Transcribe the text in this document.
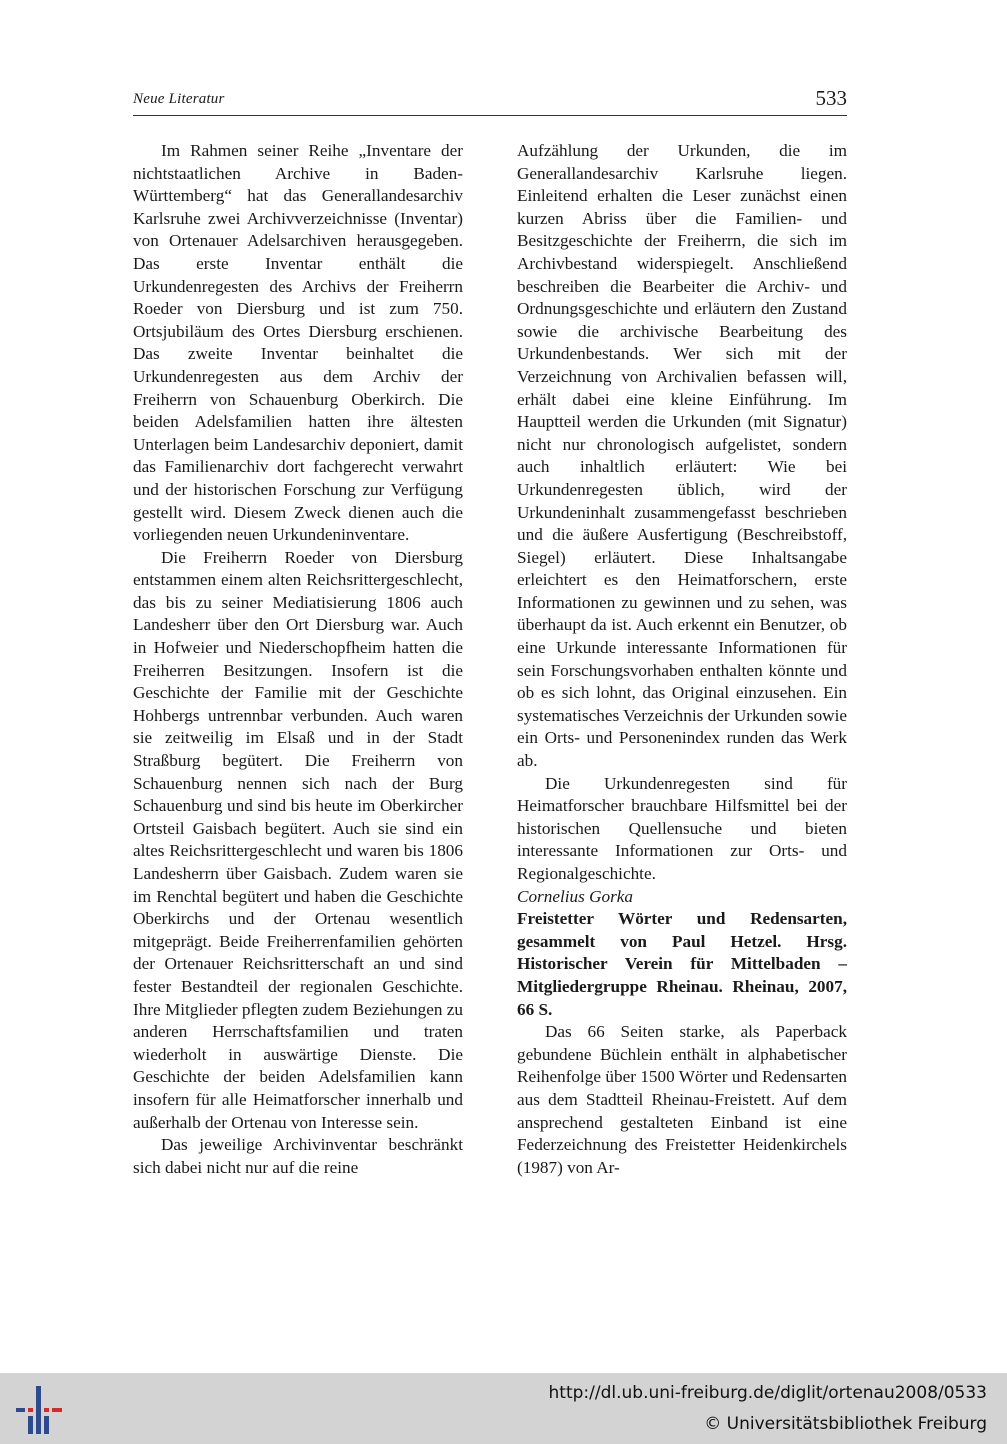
Neue Literatur	533

Im Rahmen seiner Reihe „Inventare der nichtstaatlichen Archive in Baden-Württemberg“ hat das Generallandesarchiv Karlsruhe zwei Archivverzeichnisse (Inventar) von Ortenauer Adelsarchiven herausgegeben. Das erste Inventar enthält die Urkundenregesten des Archivs der Freiherrn Roeder von Diersburg und ist zum 750. Ortsjubiläum des Ortes Diersburg erschienen. Das zweite Inventar beinhaltet die Urkundenregesten aus dem Archiv der Freiherrn von Schauenburg Oberkirch. Die beiden Adelsfamilien hatten ihre ältesten Unterlagen beim Landesarchiv deponiert, damit das Familienarchiv dort fachgerecht verwahrt und der historischen Forschung zur Verfügung gestellt wird. Diesem Zweck dienen auch die vorliegenden neuen Urkundeninventare.

Die Freiherrn Roeder von Diersburg entstammen einem alten Reichsrittergeschlecht, das bis zu seiner Mediatisierung 1806 auch Landesherr über den Ort Diersburg war. Auch in Hofweier und Niederschopfheim hatten die Freiherren Besitzungen. Insofern ist die Geschichte der Familie mit der Geschichte Hohbergs untrennbar verbunden. Auch waren sie zeitweilig im Elsaß und in der Stadt Straßburg begütert. Die Freiherrn von Schauenburg nennen sich nach der Burg Schauenburg und sind bis heute im Oberkircher Ortsteil Gaisbach begütert. Auch sie sind ein altes Reichsrittergeschlecht und waren bis 1806 Landesherrn über Gaisbach. Zudem waren sie im Renchtal begütert und haben die Geschichte Oberkirchs und der Ortenau wesentlich mitgeprägt. Beide Freiherrenfamilien gehörten der Ortenauer Reichsritterschaft an und sind fester Bestandteil der regionalen Geschichte. Ihre Mitglieder pflegten zudem Beziehungen zu anderen Herrschaftsfamilien und traten wiederholt in auswärtige Dienste. Die Geschichte der beiden Adelsfamilien kann insofern für alle Heimatforscher innerhalb und außerhalb der Ortenau von Interesse sein.

Das jeweilige Archivinventar beschränkt sich dabei nicht nur auf die reine

Aufzählung der Urkunden, die im Generallandesarchiv Karlsruhe liegen. Einleitend erhalten die Leser zunächst einen kurzen Abriss über die Familien- und Besitzgeschichte der Freiherrn, die sich im Archivbestand widerspiegelt. Anschließend beschreiben die Bearbeiter die Archiv- und Ordnungsgeschichte und erläutern den Zustand sowie die archivische Bearbeitung des Urkundenbestands. Wer sich mit der Verzeichnung von Archivalien befassen will, erhält dabei eine kleine Einführung. Im Hauptteil werden die Urkunden (mit Signatur) nicht nur chronologisch aufgelistet, sondern auch inhaltlich erläutert: Wie bei Urkundenregesten üblich, wird der Urkundeninhalt zusammengefasst beschrieben und die äußere Ausfertigung (Beschreibstoff, Siegel) erläutert. Diese Inhaltsangabe erleichtert es den Heimatforschern, erste Informationen zu gewinnen und zu sehen, was überhaupt da ist. Auch erkennt ein Benutzer, ob eine Urkunde interessante Informationen für sein Forschungsvorhaben enthalten könnte und ob es sich lohnt, das Original einzusehen. Ein systematisches Verzeichnis der Urkunden sowie ein Orts- und Personenindex runden das Werk ab.

Die Urkundenregesten sind für Heimatforscher brauchbare Hilfsmittel bei der historischen Quellensuche und bieten interessante Informationen zur Orts- und Regionalgeschichte.

Cornelius Gorka

Freistetter Wörter und Redensarten, gesammelt von Paul Hetzel. Hrsg. Historischer Verein für Mittelbaden – Mitgliedergruppe Rheinau. Rheinau, 2007, 66 S.

Das 66 Seiten starke, als Paperback gebundene Büchlein enthält in alphabetischer Reihenfolge über 1500 Wörter und Redensarten aus dem Stadtteil Rheinau-Freistett. Auf dem ansprechend gestalteten Einband ist eine Federzeichnung des Freistetter Heidenkirchels (1987) von Ar-

http://dl.ub.uni-freiburg.de/diglit/ortenau2008/0533
© Universitätsbibliothek Freiburg
